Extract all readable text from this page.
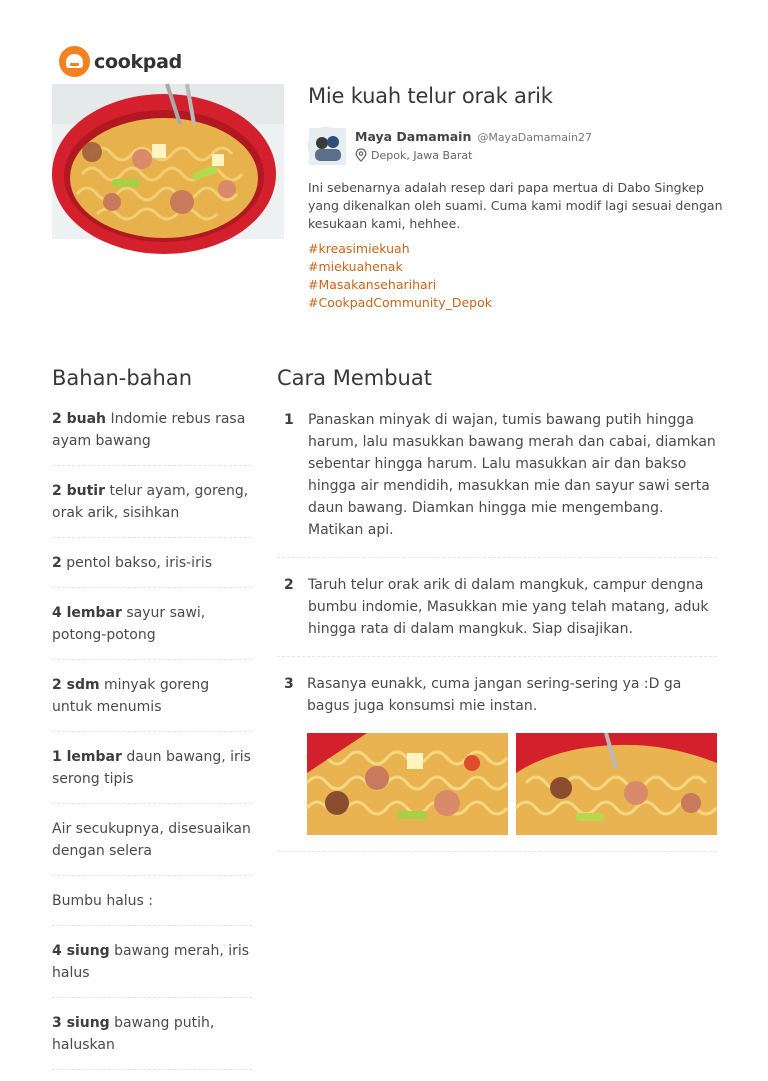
cookpad
Mie kuah telur orak arik
Maya Damamain @MayaDamamain27
Depok, Jawa Barat

Ini sebenarnya adalah resep dari papa mertua di Dabo Singkep yang dikenalkan oleh suami. Cuma kami modif lagi sesuai dengan kesukaan kami, hehhee.

#kreasimiekuah
#miekuahenak
#Masakanseharihari
#CookpadCommunity_Depok
Bahan-bahan
2 buah Indomie rebus rasa ayam bawang
2 butir telur ayam, goreng, orak arik, sisihkan
2 pentol bakso, iris-iris
4 lembar sayur sawi, potong-potong
2 sdm minyak goreng untuk menumis
1 lembar daun bawang, iris serong tipis
Air secukupnya, disesuaikan dengan selera
Bumbu halus :
4 siung bawang merah, iris halus
3 siung bawang putih, haluskan
Cara Membuat
1	Panaskan minyak di wajan, tumis bawang putih hingga harum, lalu masukkan bawang merah dan cabai, diamkan sebentar hingga harum. Lalu masukkan air dan bakso hingga air mendidih, masukkan mie dan sayur sawi serta daun bawang. Diamkan hingga mie mengembang. Matikan api.

2	Taruh telur orak arik di dalam mangkuk, campur dengna bumbu indomie, Masukkan mie yang telah matang, aduk hingga rata di dalam mangkuk. Siap disajikan.

3 Rasanya eunakk, cuma jangan sering-sering ya :D ga bagus juga konsumsi mie instan.
